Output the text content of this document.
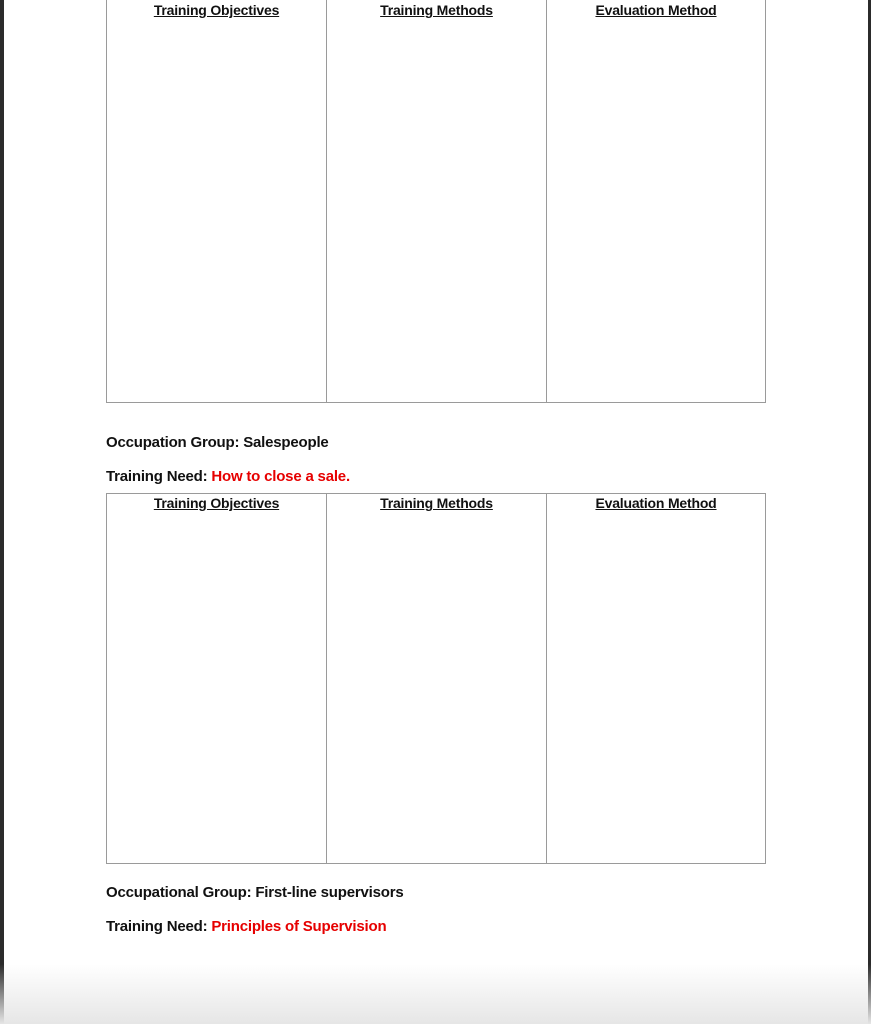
Training Objectives	Training Methods	Evaluation Method
Occupation Group: Salespeople
Training Need: How to close a sale.
Training Objectives	Training Methods	Evaluation Method
Occupational Group: First-line supervisors
Training Need: Principles of Supervision
